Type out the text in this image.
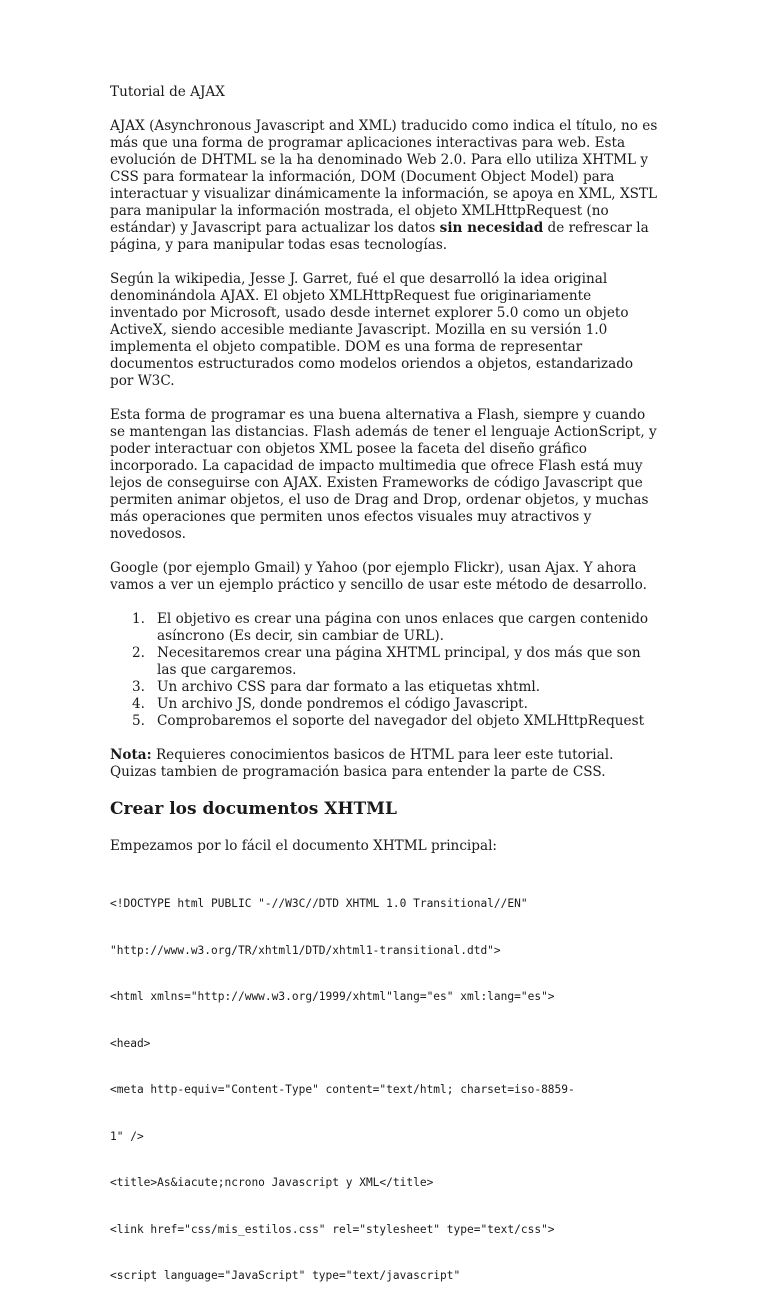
Tutorial de AJAX

AJAX (Asynchronous Javascript and XML) traducido como indica el título, no es más que una forma de programar aplicaciones interactivas para web. Esta evolución de DHTML se la ha denominado Web 2.0. Para ello utiliza XHTML y CSS para formatear la información, DOM (Document Object Model) para interactuar y visualizar dinámicamente la información, se apoya en XML, XSTL para manipular la información mostrada, el objeto XMLHttpRequest (no estándar) y Javascript para actualizar los datos sin necesidad de refrescar la página, y para manipular todas esas tecnologías.

Según la wikipedia, Jesse J. Garret, fué el que desarrolló la idea original denominándola AJAX. El objeto XMLHttpRequest fue originariamente inventado por Microsoft, usado desde internet explorer 5.0 como un objeto ActiveX, siendo accesible mediante Javascript. Mozilla en su versión 1.0 implementa el objeto compatible. DOM es una forma de representar documentos estructurados como modelos oriendos a objetos, estandarizado por W3C.

Esta forma de programar es una buena alternativa a Flash, siempre y cuando se mantengan las distancias. Flash además de tener el lenguaje ActionScript, y poder interactuar con objetos XML posee la faceta del diseño gráfico incorporado. La capacidad de impacto multimedia que ofrece Flash está muy lejos de conseguirse con AJAX. Existen Frameworks de código Javascript que permiten animar objetos, el uso de Drag and Drop, ordenar objetos, y muchas más operaciones que permiten unos efectos visuales muy atractivos y novedosos.

Google (por ejemplo Gmail) y Yahoo (por ejemplo Flickr), usan Ajax. Y ahora vamos a ver un ejemplo práctico y sencillo de usar este método de desarrollo.

1. El objetivo es crear una página con unos enlaces que cargen contenido asíncrono (Es decir, sin cambiar de URL).
2. Necesitaremos crear una página XHTML principal, y dos más que son las que cargaremos.
3. Un archivo CSS para dar formato a las etiquetas xhtml.
4. Un archivo JS, donde pondremos el código Javascript.
5. Comprobaremos el soporte del navegador del objeto XMLHttpRequest

Nota: Requieres conocimientos basicos de HTML para leer este tutorial. Quizas tambien de programación basica para entender la parte de CSS.

Crear los documentos XHTML

Empezamos por lo fácil el documento XHTML principal:

<!DOCTYPE html PUBLIC "-//W3C//DTD XHTML 1.0 Transitional//EN"

"http://www.w3.org/TR/xhtml1/DTD/xhtml1-transitional.dtd">

<html xmlns="http://www.w3.org/1999/xhtml"lang="es" xml:lang="es">

<head>

<meta http-equiv="Content-Type" content="text/html; charset=iso-8859-

1" />

<title>As&iacute;ncrono Javascript y XML</title>

<link href="css/mis_estilos.css" rel="stylesheet" type="text/css">

<script language="JavaScript" type="text/javascript"
